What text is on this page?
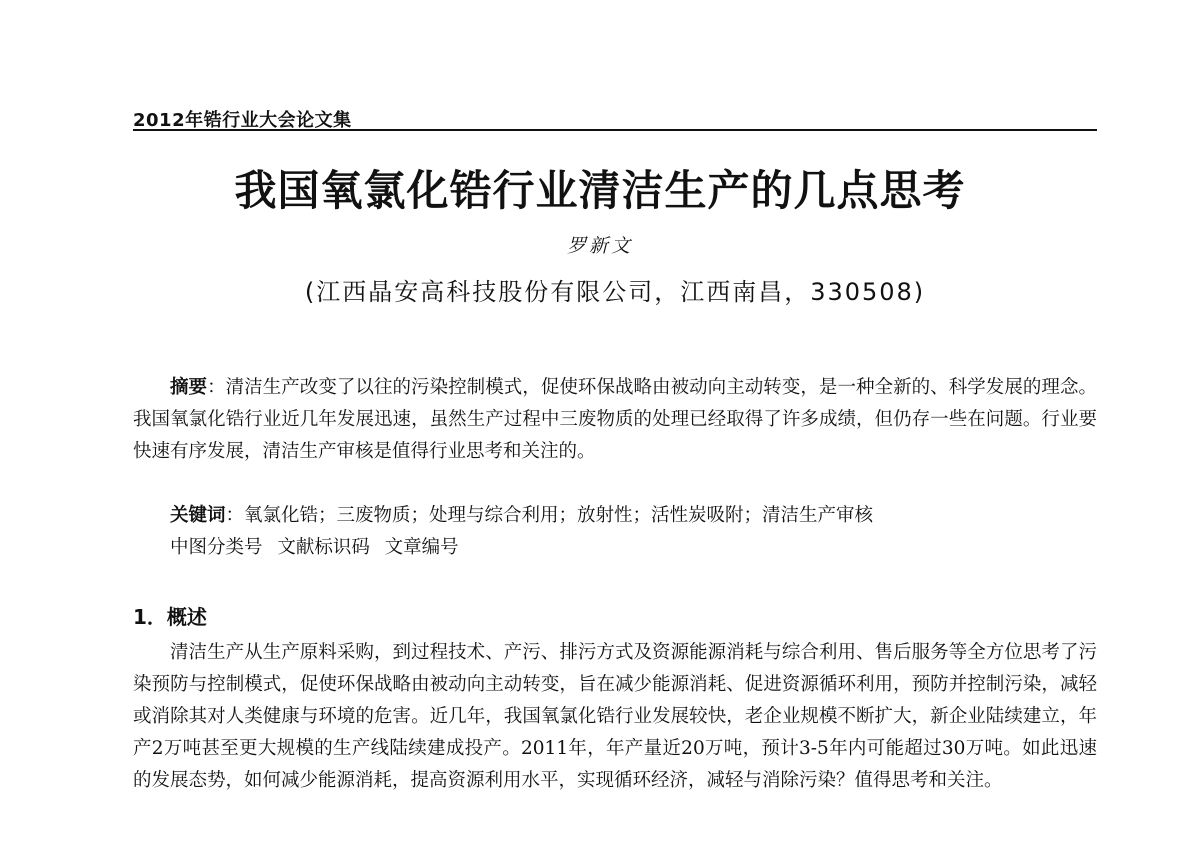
2012年锆行业大会论文集
我国氧氯化锆行业清洁生产的几点思考
罗新文
(江西晶安高科技股份有限公司，江西南昌，330508)

摘要：清洁生产改变了以往的污染控制模式，促使环保战略由被动向主动转变，是一种全新的、科学发展的理念。我国氧氯化锆行业近几年发展迅速，虽然生产过程中三废物质的处理已经取得了许多成绩，但仍存一些在问题。行业要快速有序发展，清洁生产审核是值得行业思考和关注的。

关键词：氧氯化锆；三废物质；处理与综合利用；放射性；活性炭吸附；清洁生产审核
中图分类号 文献标识码 文章编号
1．概述

清洁生产从生产原料采购，到过程技术、产污、排污方式及资源能源消耗与综合利用、售后服务等全方位思考了污染预防与控制模式，促使环保战略由被动向主动转变，旨在减少能源消耗、促进资源循环利用，预防并控制污染，减轻或消除其对人类健康与环境的危害。近几年，我国氧氯化锆行业发展较快，老企业规模不断扩大，新企业陆续建立，年产2万吨甚至更大规模的生产线陆续建成投产。2011年，年产量近20万吨，预计3-5年内可能超过30万吨。如此迅速的发展态势，如何减少能源消耗，提高资源利用水平，实现循环经济，减轻与消除污染？值得思考和关注。
